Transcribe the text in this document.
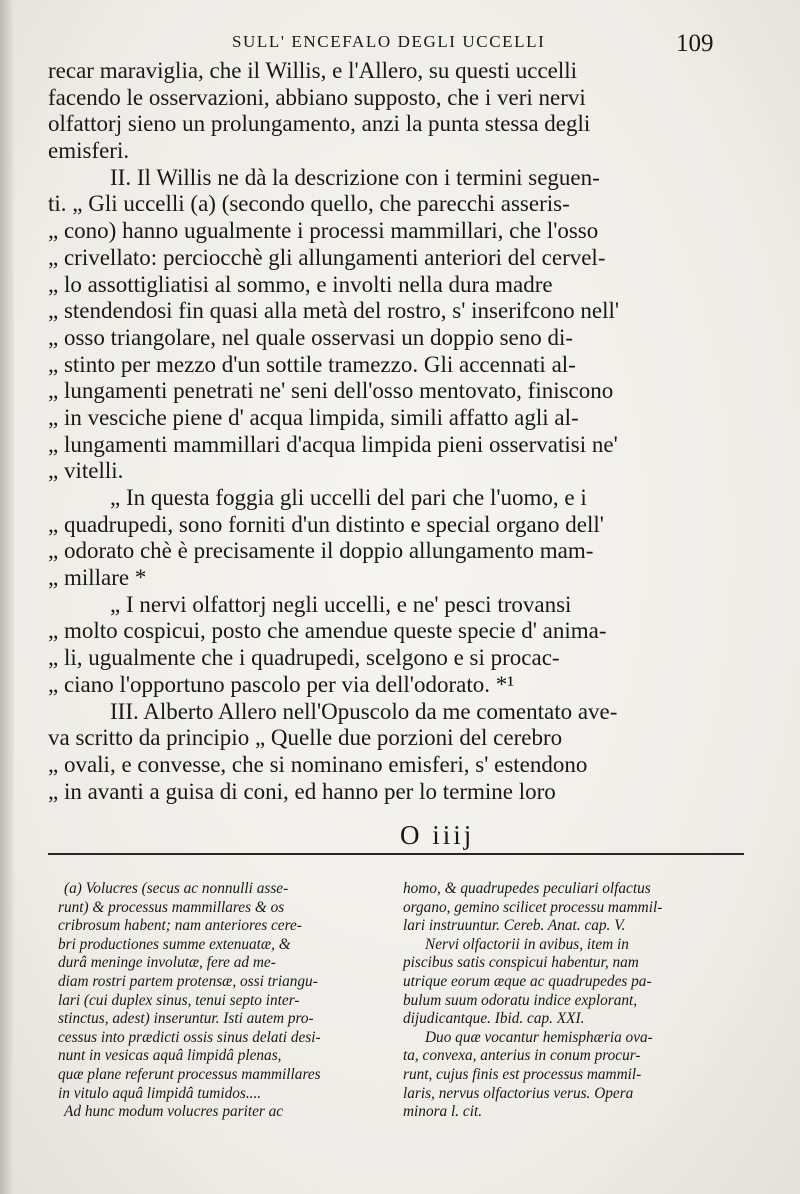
SULL' ENCEFALO DEGLI UCCELLI	109
recar maraviglia, che il Willis, e l'Allero, su questi uccelli
facendo le osservazioni, abbiano supposto, che i veri nervi
olfattorj sieno un prolungamento, anzi la punta stessa degli
emisferi.
II. Il Willis ne dà la descrizione con i termini seguen-
ti. „ Gli uccelli (a) (secondo quello, che parecchi asseris-
„ cono) hanno ugualmente i processi mammillari, che l'osso
„ crivellato: perciocchè gli allungamenti anteriori del cervel-
„ lo assottigliatisi al sommo, e involti nella dura madre
„ stendendosi fin quasi alla metà del rostro, s' inserifcono nell'
„ osso triangolare, nel quale osservasi un doppio seno di-
„ stinto per mezzo d'un sottile tramezzo. Gli accennati al-
„ lungamenti penetrati ne' seni dell'osso mentovato, finiscono
„ in vesciche piene d' acqua limpida, simili affatto agli al-
„ lungamenti mammillari d'acqua limpida pieni osservatisi ne'
„ vitelli.
„ In questa foggia gli uccelli del pari che l'uomo, e i
„ quadrupedi, sono forniti d'un distinto e special organo dell'
„ odorato chè è precisamente il doppio allungamento mam-
„ millare *
„ I nervi olfattorj negli uccelli, e ne' pesci trovansi
„ molto cospicui, posto che amendue queste specie d' anima-
„ li, ugualmente che i quadrupedi, scelgono e si procac-
„ ciano l'opportuno pascolo per via dell'odorato. *¹
III. Alberto Allero nell'Opuscolo da me comentato ave-
va scritto da principio „ Quelle due porzioni del cerebro
„ ovali, e convesse, che si nominano emisferi, s' estendono
„ in avanti a guisa di coni, ed hanno per lo termine loro
O iiij
(a) Volucres (secus ac nonnulli asse-
runt) & processus mammillares & os
cribrosum habent; nam anteriores cere-
bri productiones summe extenuatæ, &
durâ meninge involutæ, fere ad me-
diam rostri partem protensæ, ossi triangu-
lari (cui duplex sinus, tenui septo inter-
stinctus, adest) inseruntur. Isti autem pro-
cessus into prædicti ossis sinus delati desi-
nunt in vesicas aquâ limpidâ plenas,
quæ plane referunt processus mammillares
in vitulo aquâ limpidâ tumidos....
Ad hunc modum volucres pariter ac
homo, & quadrupedes peculiari olfactus
organo, gemino scilicet processu mammil-
lari instruuntur. Cereb. Anat. cap. V.
Nervi olfactorii in avibus, item in
piscibus satis conspicui habentur, nam
utrique eorum æque ac quadrupedes pa-
bulum suum odoratu indice explorant,
dijudicantque. Ibid. cap. XXI.
Duo quæ vocantur hemisphæria ova-
ta, convexa, anterius in conum procur-
runt, cujus finis est processus mammil-
laris, nervus olfactorius verus. Opera
minora l. cit.
